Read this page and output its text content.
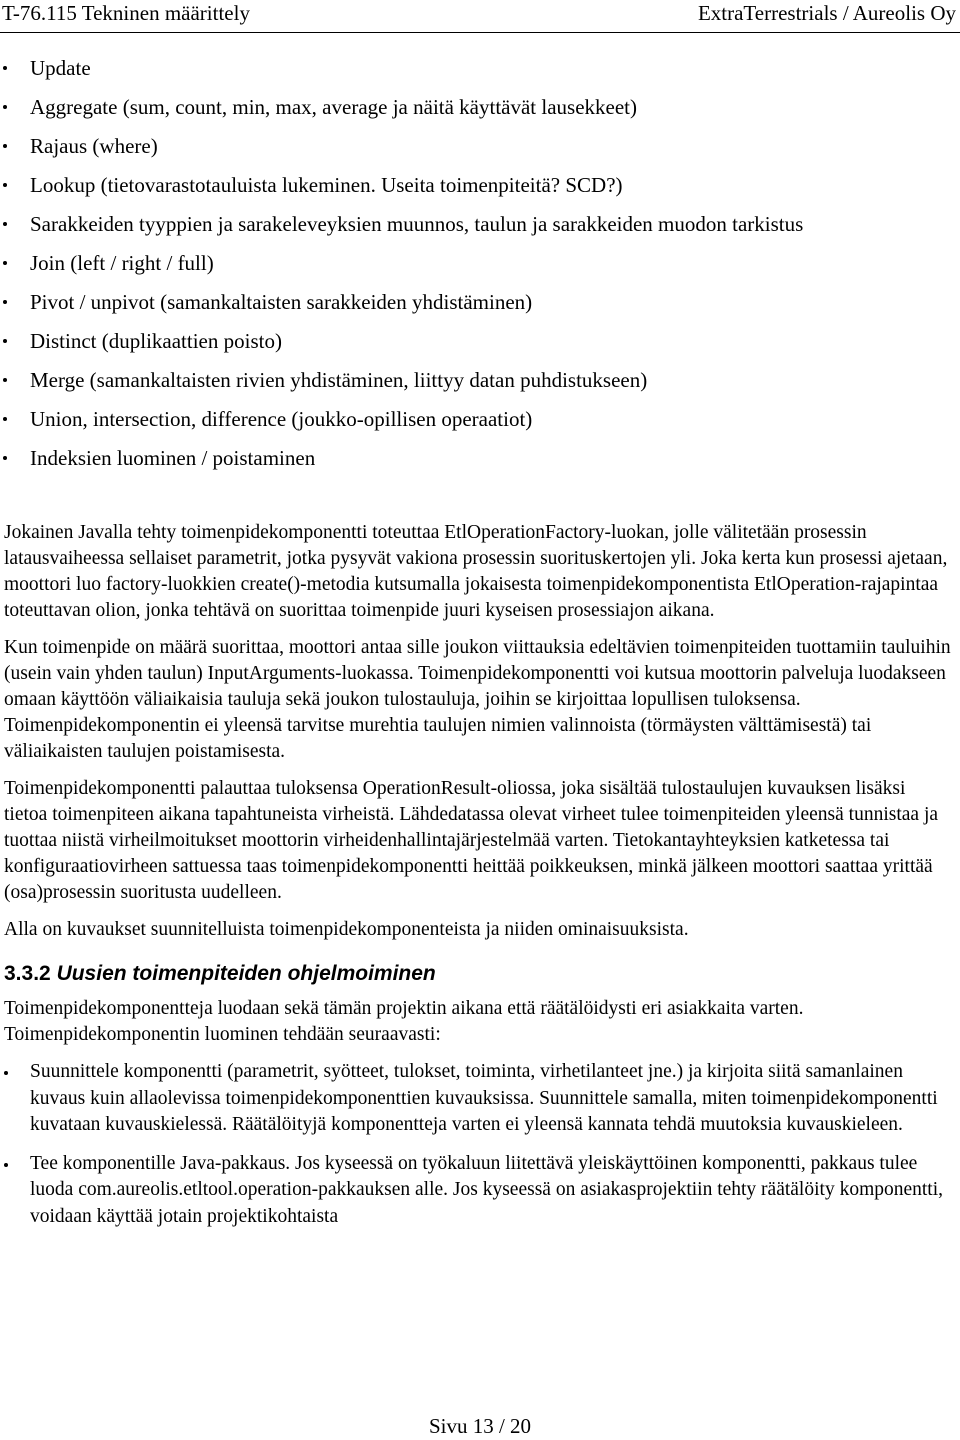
T-76.115 Tekninen määrittely	ExtraTerrestrials / Aureolis Oy
Update
Aggregate (sum, count, min, max, average ja näitä käyttävät lausekkeet)
Rajaus (where)
Lookup (tietovarastotauluista lukeminen. Useita toimenpiteitä? SCD?)
Sarakkeiden tyyppien ja sarakeleveyksien muunnos, taulun ja sarakkeiden muodon tarkistus
Join (left / right / full)
Pivot / unpivot (samankaltaisten sarakkeiden yhdistäminen)
Distinct (duplikaattien poisto)
Merge (samankaltaisten rivien yhdistäminen, liittyy datan puhdistukseen)
Union, intersection, difference (joukko-opillisen operaatiot)
Indeksien luominen / poistaminen

Jokainen Javalla tehty toimenpidekomponentti toteuttaa EtlOperationFactory-luokan, jolle välitetään prosessin latausvaiheessa sellaiset parametrit, jotka pysyvät vakiona prosessin suorituskertojen yli. Joka kerta kun prosessi ajetaan, moottori luo factory-luokkien create()-metodia kutsumalla jokaisesta toimenpidekomponentista EtlOperation-rajapintaa toteuttavan olion, jonka tehtävä on suorittaa toimenpide juuri kyseisen prosessiajon aikana.

Kun toimenpide on määrä suorittaa, moottori antaa sille joukon viittauksia edeltävien toimenpiteiden tuottamiin tauluihin (usein vain yhden taulun) InputArguments-luokassa. Toimenpidekomponentti voi kutsua moottorin palveluja luodakseen omaan käyttöön väliaikaisia tauluja sekä joukon tulostauluja, joihin se kirjoittaa lopullisen tuloksensa. Toimenpidekomponentin ei yleensä tarvitse murehtia taulujen nimien valinnoista (törmäysten välttämisestä) tai väliaikaisten taulujen poistamisesta.

Toimenpidekomponentti palauttaa tuloksensa OperationResult-oliossa, joka sisältää tulostaulujen kuvauksen lisäksi tietoa toimenpiteen aikana tapahtuneista virheistä. Lähdedatassa olevat virheet tulee toimenpiteiden yleensä tunnistaa ja tuottaa niistä virheilmoitukset moottorin virheidenhallintajärjestelmää varten. Tietokantayhteyksien katketessa tai konfiguraatiovirheen sattuessa taas toimenpidekomponentti heittää poikkeuksen, minkä jälkeen moottori saattaa yrittää (osa)prosessin suoritusta uudelleen.

Alla on kuvaukset suunnitelluista toimenpidekomponenteista ja niiden ominaisuuksista.

3.3.2 Uusien toimenpiteiden ohjelmoiminen

Toimenpidekomponentteja luodaan sekä tämän projektin aikana että räätälöidysti eri asiakkaita varten. Toimenpidekomponentin luominen tehdään seuraavasti:

Suunnittele komponentti (parametrit, syötteet, tulokset, toiminta, virhetilanteet jne.) ja kirjoita siitä samanlainen kuvaus kuin allaolevissa toimenpidekomponenttien kuvauksissa. Suunnittele samalla, miten toimenpidekomponentti kuvataan kuvauskielessä. Räätälöityjä komponentteja varten ei yleensä kannata tehdä muutoksia kuvauskieleen.
Tee komponentille Java-pakkaus. Jos kyseessä on työkaluun liitettävä yleiskäyttöinen komponentti, pakkaus tulee luoda com.aureolis.etltool.operation-pakkauksen alle. Jos kyseessä on asiakasprojektiin tehty räätälöity komponentti, voidaan käyttää jotain projektikohtaista
Sivu 13 / 20
